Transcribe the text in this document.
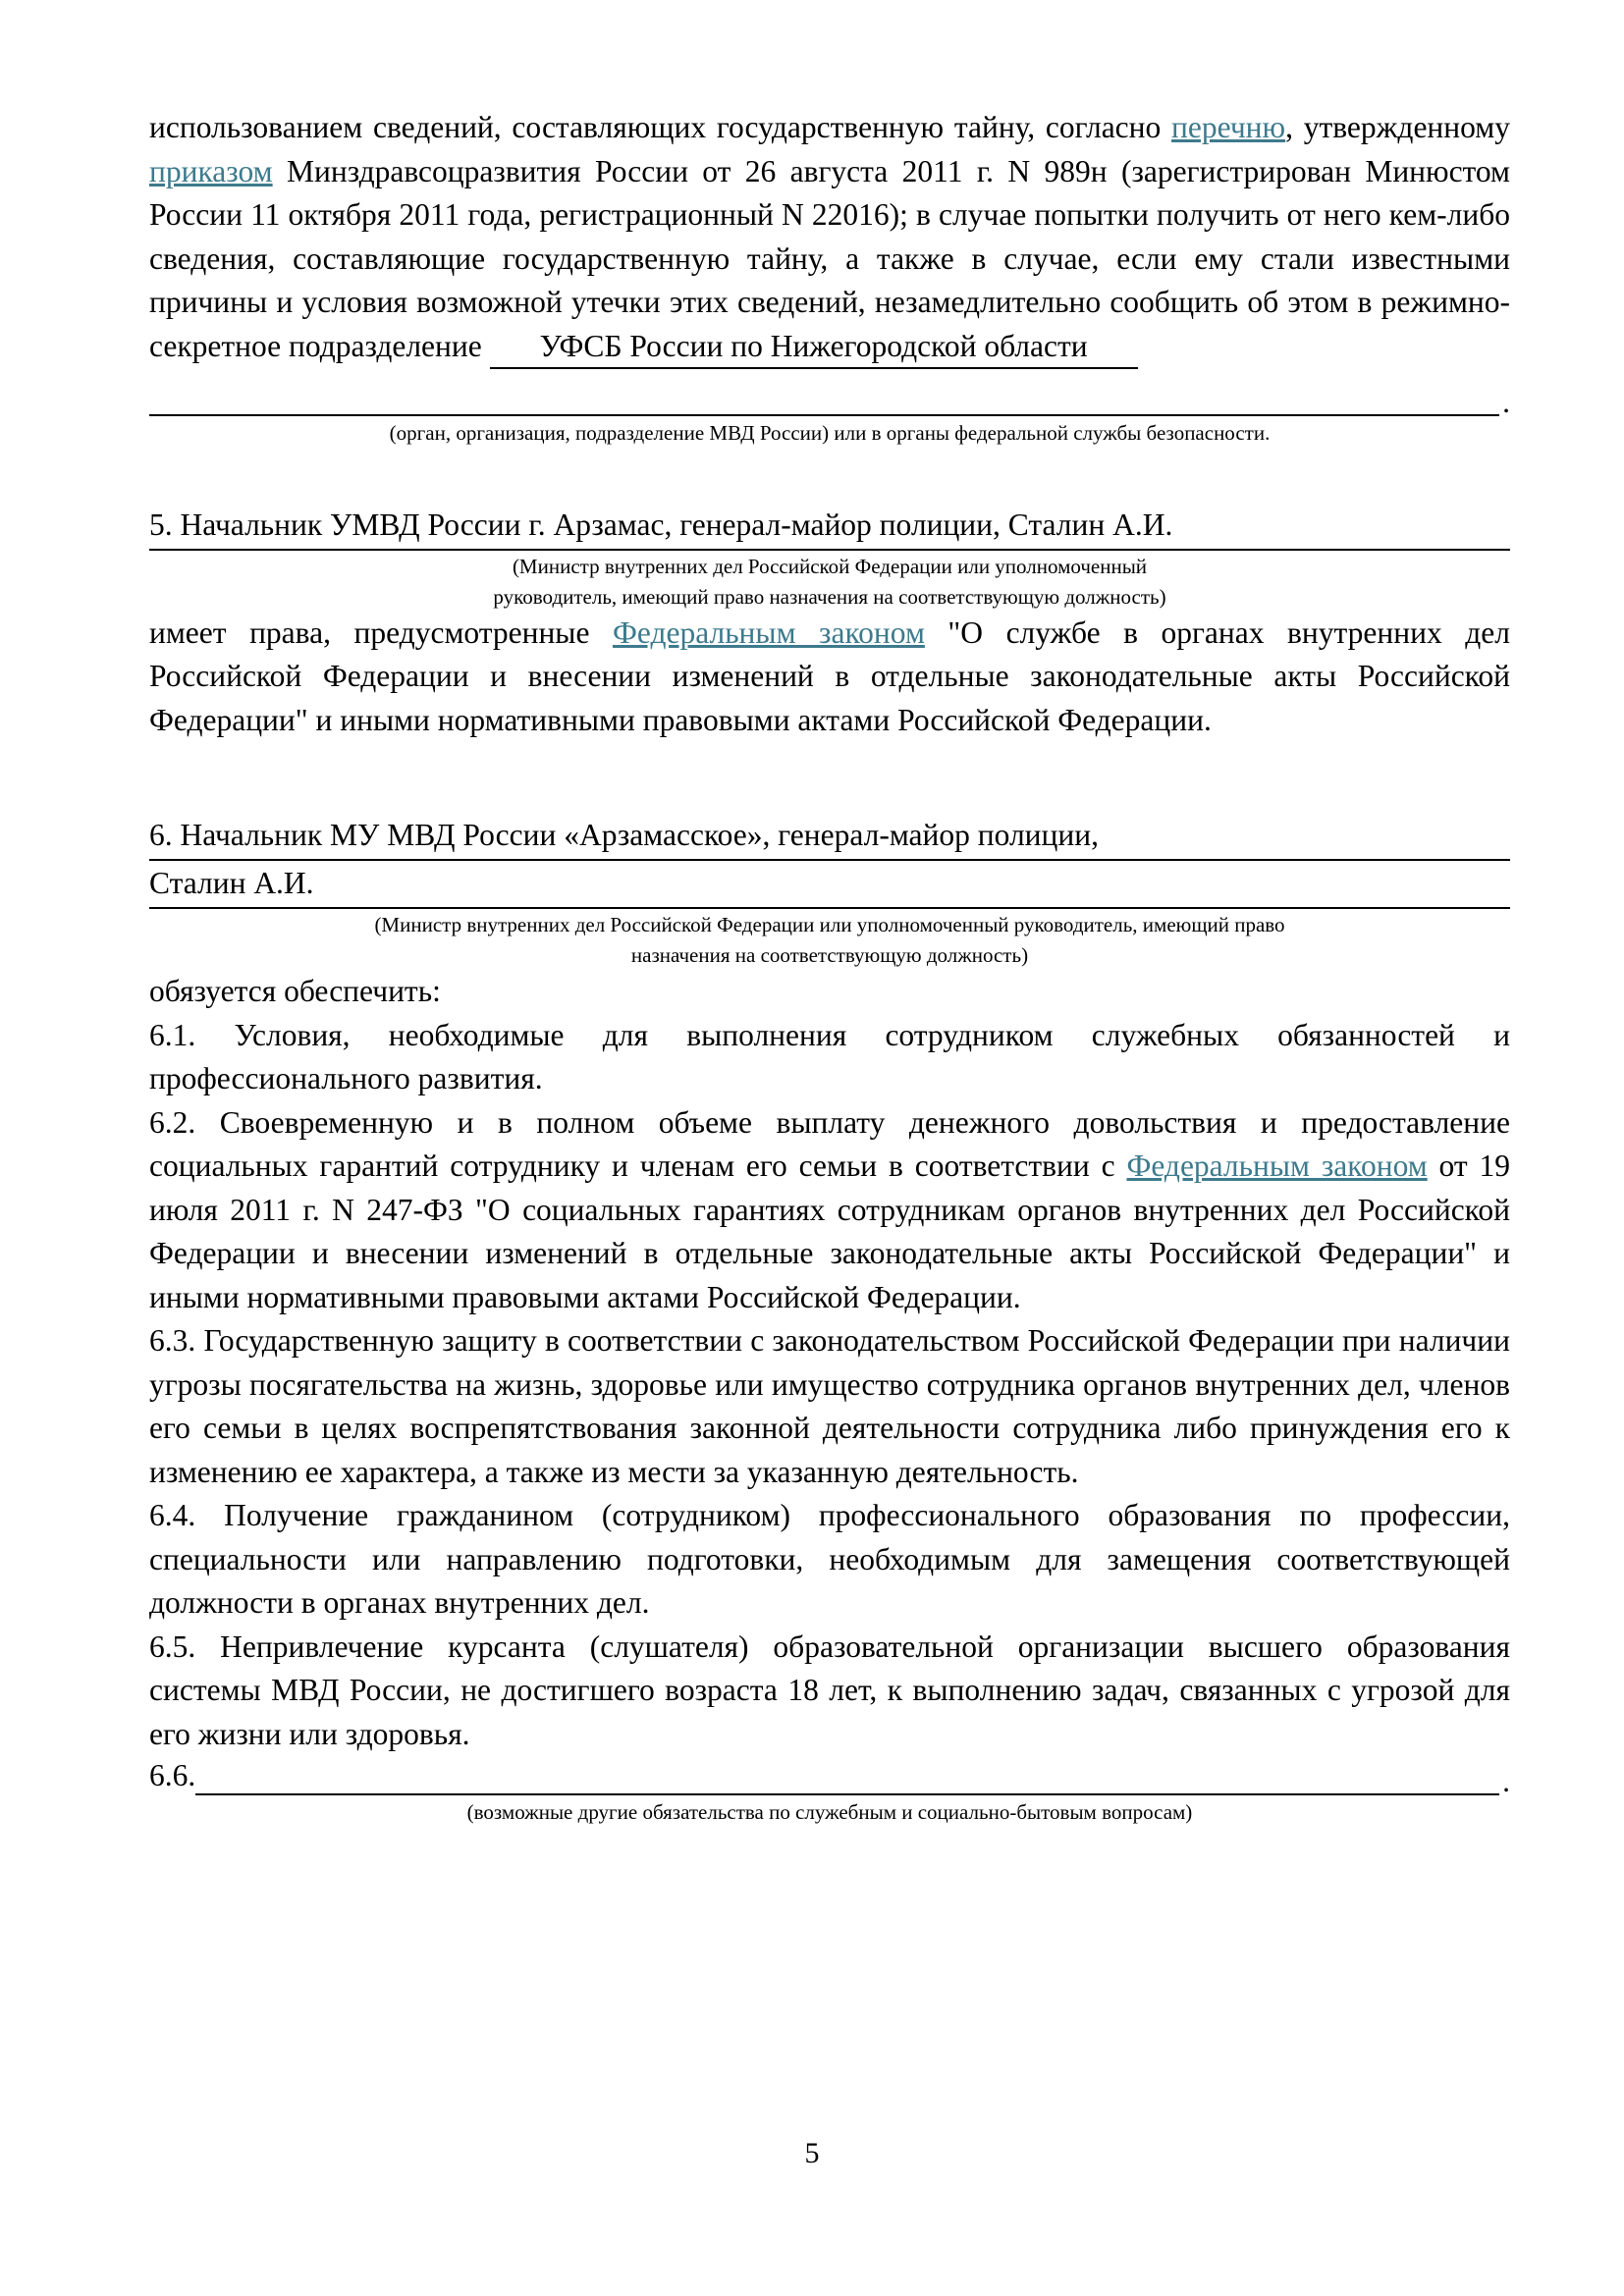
использованием сведений, составляющих государственную тайну, согласно перечню, утвержденному приказом Минздравсоцразвития России от 26 августа 2011 г. N 989н (зарегистрирован Минюстом России 11 октября 2011 года, регистрационный N 22016); в случае попытки получить от него кем-либо сведения, составляющие государственную тайну, а также в случае, если ему стали известными причины и условия возможной утечки этих сведений, незамедлительно сообщить об этом в режимно-секретное подразделение УФСБ России по Нижегородской области

.

(орган, организация, подразделение МВД России) или в органы федеральной службы безопасности.

5. Начальник УМВД России г. Арзамас, генерал-майор полиции, Сталин А.И.

(Министр внутренних дел Российской Федерации или уполномоченный

руководитель, имеющий право назначения на соответствующую должность)

имеет права, предусмотренные Федеральным законом "О службе в органах внутренних дел Российской Федерации и внесении изменений в отдельные законодательные акты Российской Федерации" и иными нормативными правовыми актами Российской Федерации.

6. Начальник МУ МВД России «Арзамасское», генерал-майор полиции,

Сталин А.И.

(Министр внутренних дел Российской Федерации или уполномоченный руководитель, имеющий право

назначения на соответствующую должность)

обязуется обеспечить:

6.1. Условия, необходимые для выполнения сотрудником служебных обязанностей и профессионального развития.

6.2. Своевременную и в полном объеме выплату денежного довольствия и предоставление социальных гарантий сотруднику и членам его семьи в соответствии с Федеральным законом от 19 июля 2011 г. N 247-ФЗ "О социальных гарантиях сотрудникам органов внутренних дел Российской Федерации и внесении изменений в отдельные законодательные акты Российской Федерации" и иными нормативными правовыми актами Российской Федерации.

6.3. Государственную защиту в соответствии с законодательством Российской Федерации при наличии угрозы посягательства на жизнь, здоровье или имущество сотрудника органов внутренних дел, членов его семьи в целях воспрепятствования законной деятельности сотрудника либо принуждения его к изменению ее характера, а также из мести за указанную деятельность.

6.4. Получение гражданином (сотрудником) профессионального образования по профессии, специальности или направлению подготовки, необходимым для замещения соответствующей должности в органах внутренних дел.

6.5. Непривлечение курсанта (слушателя) образовательной организации высшего образования системы МВД России, не достигшего возраста 18 лет, к выполнению задач, связанных с угрозой для его жизни или здоровья.

6.6.	.

(возможные другие обязательства по служебным и социально-бытовым вопросам)

5
